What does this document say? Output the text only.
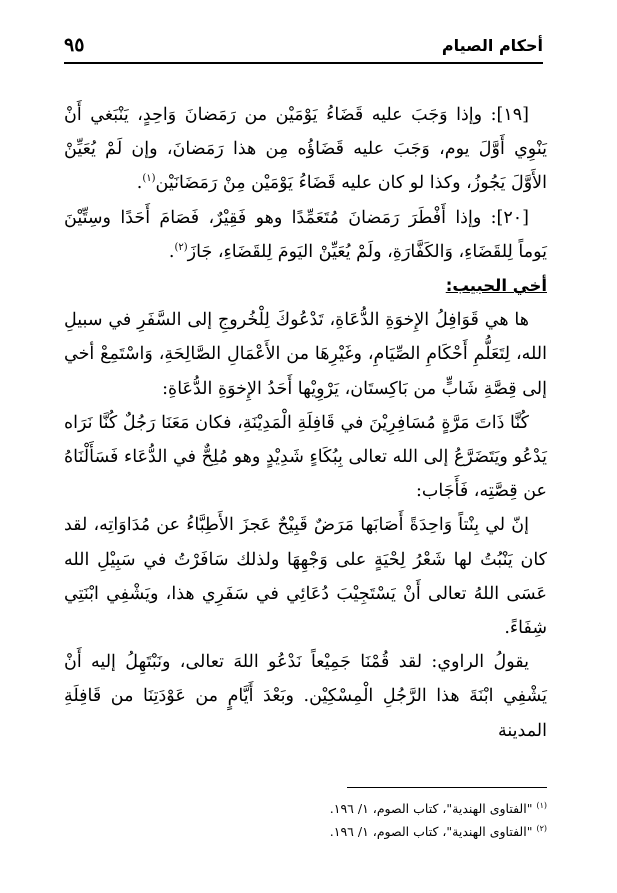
أحكام الصيام
٩٥

[١٩]: وإذا وَجَبَ عليه قَضَاءُ يَوْمَيْن من رَمَضانَ وَاحِدٍ، يَنْبَغي أَنْ يَنْوِي أَوَّلَ يوم، وَجَبَ عليه قَضَاؤُه مِن هذا رَمَضانَ، وإن لَمْ يُعَيِّنْ الأَوَّلَ يَجُوزُ، وكذا لو كان عليه قَضَاءُ يَوْمَيْن مِنْ رَمَضَانَيْن$^{(١)}$.

[٢٠]: وإذا أَفْطَرَ رَمَضانَ مُتَعَمِّدًا وهو فَقِيْرٌ، فَصَامَ أَحَدًا وسِتِّيْنَ يَوماً لِلقَضَاءِ، وَالكَفَّارَةِ، ولَمْ يُعَيِّنْ اليَومَ لِلقَضَاءِ، جَازَ$^{(٢)}$.

أخي الحبيب:

ها هي قَوَافِلُ الإِخوَةِ الدُّعَاةِ، تَدْعُوكَ لِلْخُروجِ إلى السَّفَرِ في سبيلِ الله، لِتَعَلُّمِ أَحْكَامِ الصِّيَامِ، وغَيْرِهَا من الأَعْمَالِ الصَّالِحَةِ، وَاسْتَمِعْ أخي إلى قِصَّةِ شَابٍّ من بَاكِستَان، يَرْوِيْها أَحَدُ الإِخوَةِ الدُّعَاةِ:

كُنَّا ذَاتَ مَرَّةٍ مُسَافِرِيْنَ في قَافِلَةِ الْمَدِيْنَةِ، فكان مَعَنَا رَجُلٌ كُنَّا نَرَاه يَدْعُو ويَتَضَرَّعُ إلى الله تعالى بِبُكَاءٍ شَدِيْدٍ وهو مُلِحٌّ في الدُّعَاء فَسَأَلْنَاهُ عن قِصَّتِه، فَأَجَاب:

إنّ لي بِنْتاً وَاحِدَةً أَصَابَها مَرَضٌ قَبِيْحٌ عَجزَ الأَطِبَّاءُ عن مُدَاوَاتِه، لقد كان يَنْبُتُ لها شَعْرُ لِحْيَةٍ على وَجْهِهَا ولذلك سَافَرْتُ في سَبِيْلِ الله عَسَى اللهُ تعالى أَنْ يَسْتَجِيْبَ دُعَائِي في سَفَرِي هذا، ويَشْفِي ابْنَتِي شِفَاءً.

يقولُ الراوي: لقد قُمْنَا جَمِيْعاً نَدْعُو اللهَ تعالى، ونَبْتَهِلُ إليه أَنْ يَشْفِي ابْنَةَ هذا الرَّجُلِ الْمِسْكِيْن. وبَعْدَ أَيَّامٍ من عَوْدَتِنَا من قَافِلَةِ المدينة

$^{(١)}$ "الفتاوى الهندية"، كتاب الصوم، ١/ ١٩٦.

$^{(٢)}$ "الفتاوى الهندية"، كتاب الصوم، ١/ ١٩٦.
